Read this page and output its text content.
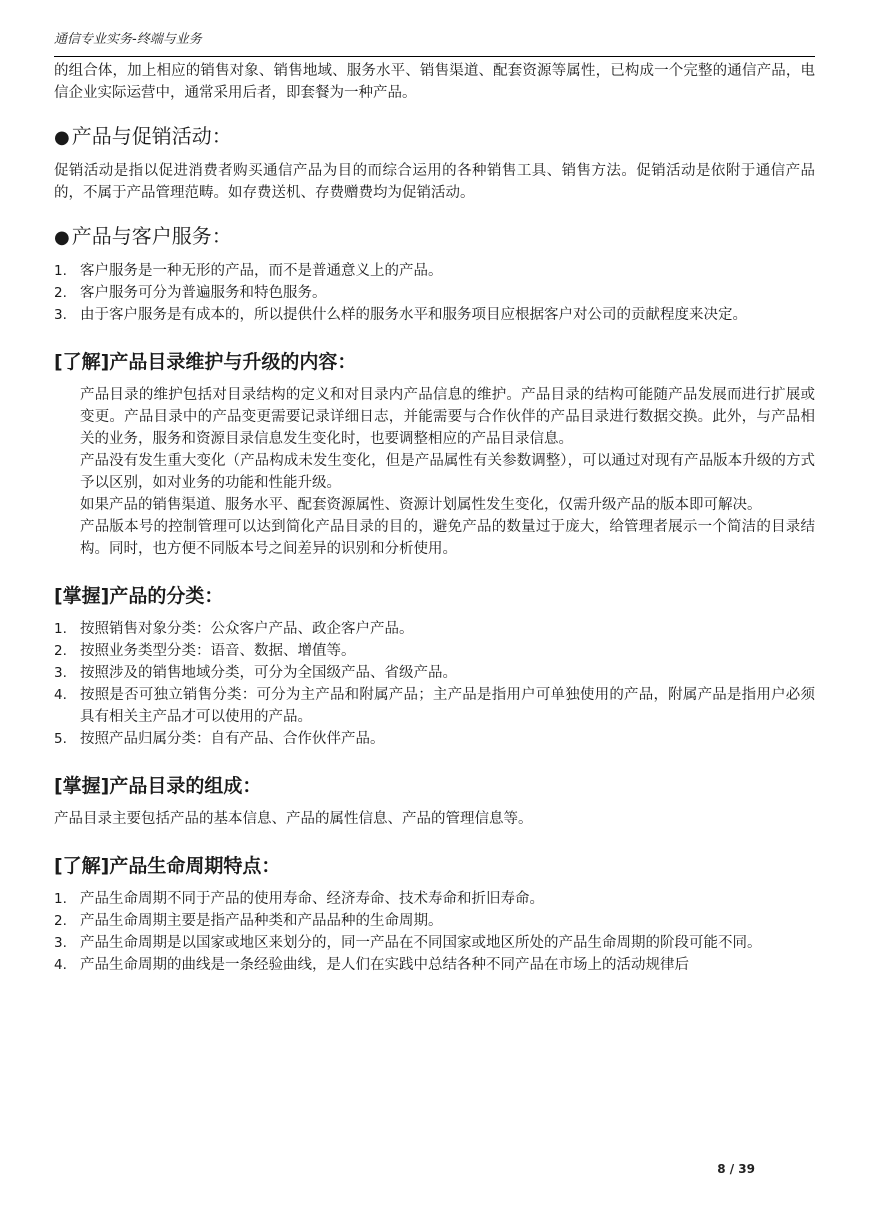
通信专业实务-终端与业务

的组合体，加上相应的销售对象、销售地域、服务水平、销售渠道、配套资源等属性，已构成一个完整的通信产品，电信企业实际运营中，通常采用后者，即套餐为一种产品。

● 产品与促销活动：

促销活动是指以促进消费者购买通信产品为目的而综合运用的各种销售工具、销售方法。促销活动是依附于通信产品的，不属于产品管理范畴。如存费送机、存费赠费均为促销活动。

● 产品与客户服务：
1. 客户服务是一种无形的产品，而不是普通意义上的产品。
2. 客户服务可分为普遍服务和特色服务。
3. 由于客户服务是有成本的，所以提供什么样的服务水平和服务项目应根据客户对公司的贡献程度来决定。
[了解]产品目录维护与升级的内容：

产品目录的维护包括对目录结构的定义和对目录内产品信息的维护。产品目录的结构可能随产品发展而进行扩展或变更。产品目录中的产品变更需要记录详细日志，并能需要与合作伙伴的产品目录进行数据交换。此外，与产品相关的业务，服务和资源目录信息发生变化时，也要调整相应的产品目录信息。

产品没有发生重大变化（产品构成未发生变化，但是产品属性有关参数调整），可以通过对现有产品版本升级的方式予以区别，如对业务的功能和性能升级。

如果产品的销售渠道、服务水平、配套资源属性、资源计划属性发生变化，仅需升级产品的版本即可解决。

产品版本号的控制管理可以达到简化产品目录的目的，避免产品的数量过于庞大，给管理者展示一个简洁的目录结构。同时，也方便不同版本号之间差异的识别和分析使用。

[掌握]产品的分类：
1. 按照销售对象分类：公众客户产品、政企客户产品。
2. 按照业务类型分类：语音、数据、增值等。
3. 按照涉及的销售地域分类，可分为全国级产品、省级产品。
4. 按照是否可独立销售分类：可分为主产品和附属产品；主产品是指用户可单独使用的产品，附属产品是指用户必须具有相关主产品才可以使用的产品。
5. 按照产品归属分类：自有产品、合作伙伴产品。
[掌握]产品目录的组成：

产品目录主要包括产品的基本信息、产品的属性信息、产品的管理信息等。

[了解]产品生命周期特点：
1. 产品生命周期不同于产品的使用寿命、经济寿命、技术寿命和折旧寿命。
2. 产品生命周期主要是指产品种类和产品品种的生命周期。
3. 产品生命周期是以国家或地区来划分的，同一产品在不同国家或地区所处的产品生命周期的阶段可能不同。
4. 产品生命周期的曲线是一条经验曲线，是人们在实践中总结各种不同产品在市场上的活动规律后
8 / 39
